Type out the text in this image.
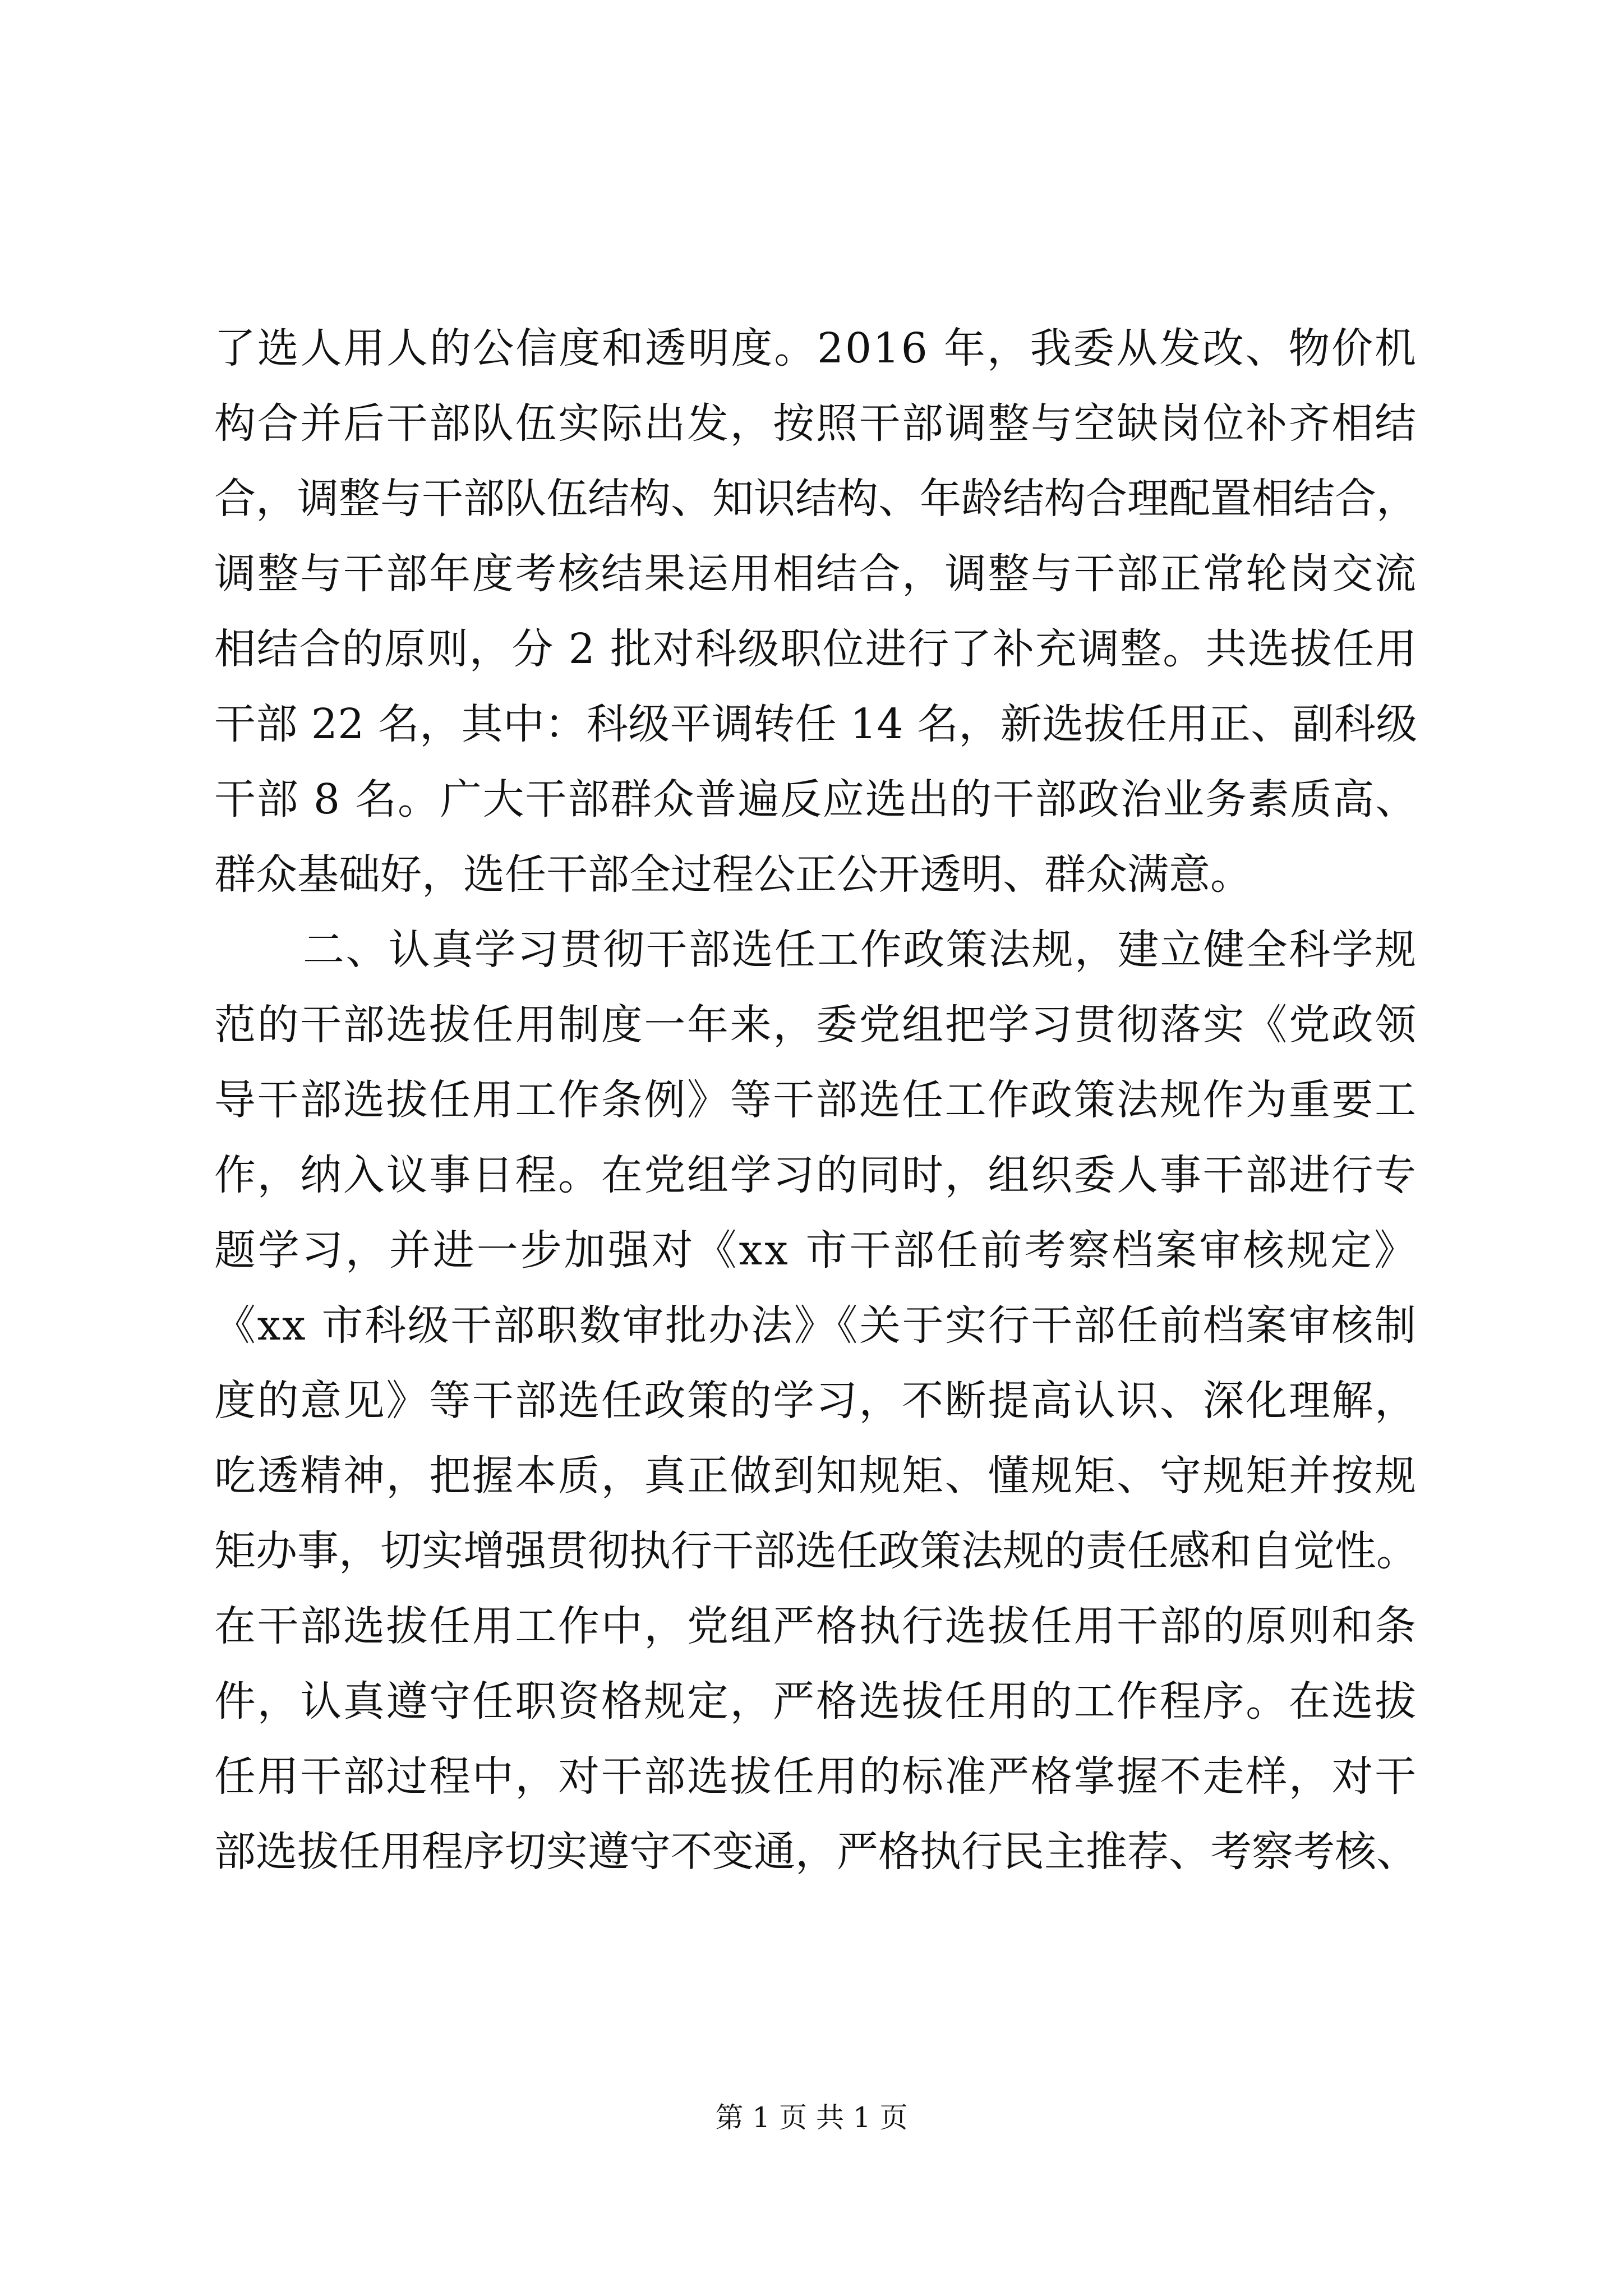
了选人用人的公信度和透明度。2016 年，我委从发改、物价机
构合并后干部队伍实际出发，按照干部调整与空缺岗位补齐相结
合，调整与干部队伍结构、知识结构、年龄结构合理配置相结合，
调整与干部年度考核结果运用相结合，调整与干部正常轮岗交流
相结合的原则，分 2 批对科级职位进行了补充调整。共选拔任用
干部 22 名，其中：科级平调转任 14 名，新选拔任用正、副科级
干部 8 名。广大干部群众普遍反应选出的干部政治业务素质高、
群众基础好，选任干部全过程公正公开透明、群众满意。
二、认真学习贯彻干部选任工作政策法规，建立健全科学规
范的干部选拔任用制度一年来，委党组把学习贯彻落实《党政领
导干部选拔任用工作条例》等干部选任工作政策法规作为重要工
作，纳入议事日程。在党组学习的同时，组织委人事干部进行专
题学习，并进一步加强对《xx 市干部任前考察档案审核规定》
《xx 市科级干部职数审批办法》《关于实行干部任前档案审核制
度的意见》等干部选任政策的学习，不断提高认识、深化理解，
吃透精神，把握本质，真正做到知规矩、懂规矩、守规矩并按规
矩办事，切实增强贯彻执行干部选任政策法规的责任感和自觉性。
在干部选拔任用工作中，党组严格执行选拔任用干部的原则和条
件，认真遵守任职资格规定，严格选拔任用的工作程序。在选拔
任用干部过程中，对干部选拔任用的标准严格掌握不走样，对干
部选拔任用程序切实遵守不变通，严格执行民主推荐、考察考核、
第 1 页 共 1 页
